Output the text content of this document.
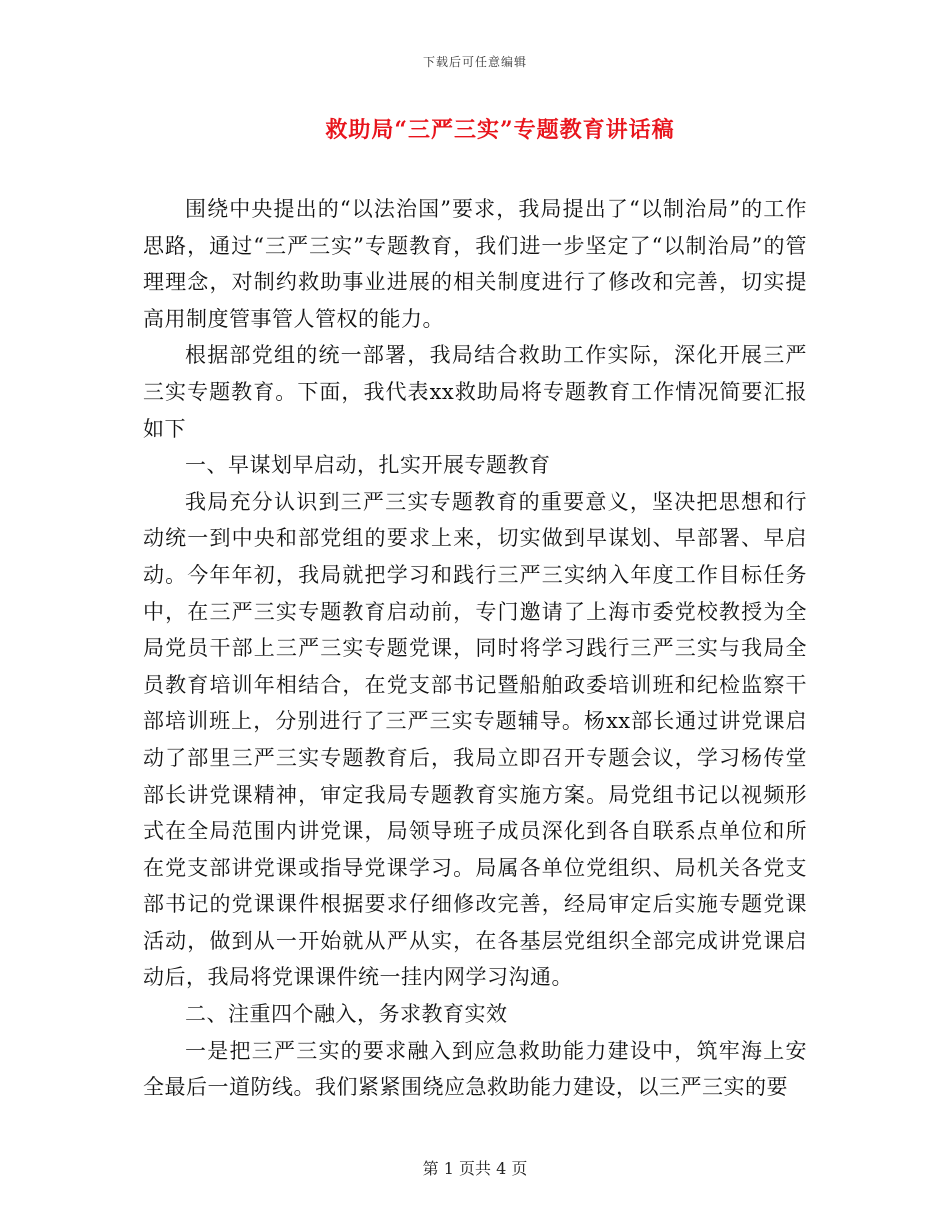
下载后可任意编辑
救助局“三严三实”专题教育讲话稿

围绕中央提出的“以法治国”要求，我局提出了“以制治局”的工作思路，通过“三严三实”专题教育，我们进一步坚定了“以制治局”的管理理念，对制约救助事业进展的相关制度进行了修改和完善，切实提高用制度管事管人管权的能力。

根据部党组的统一部署，我局结合救助工作实际，深化开展三严三实专题教育。下面，我代表xx救助局将专题教育工作情况简要汇报如下

一、早谋划早启动，扎实开展专题教育

我局充分认识到三严三实专题教育的重要意义，坚决把思想和行动统一到中央和部党组的要求上来，切实做到早谋划、早部署、早启动。今年年初，我局就把学习和践行三严三实纳入年度工作目标任务中，在三严三实专题教育启动前，专门邀请了上海市委党校教授为全局党员干部上三严三实专题党课，同时将学习践行三严三实与我局全员教育培训年相结合，在党支部书记暨船舶政委培训班和纪检监察干部培训班上，分别进行了三严三实专题辅导。杨xx部长通过讲党课启动了部里三严三实专题教育后，我局立即召开专题会议，学习杨传堂部长讲党课精神，审定我局专题教育实施方案。局党组书记以视频形式在全局范围内讲党课，局领导班子成员深化到各自联系点单位和所在党支部讲党课或指导党课学习。局属各单位党组织、局机关各党支部书记的党课课件根据要求仔细修改完善，经局审定后实施专题党课活动，做到从一开始就从严从实，在各基层党组织全部完成讲党课启动后，我局将党课课件统一挂内网学习沟通。

二、注重四个融入，务求教育实效

一是把三严三实的要求融入到应急救助能力建设中，筑牢海上安全最后一道防线。我们紧紧围绕应急救助能力建设，以三严三实的要

第 1 页共 4 页
